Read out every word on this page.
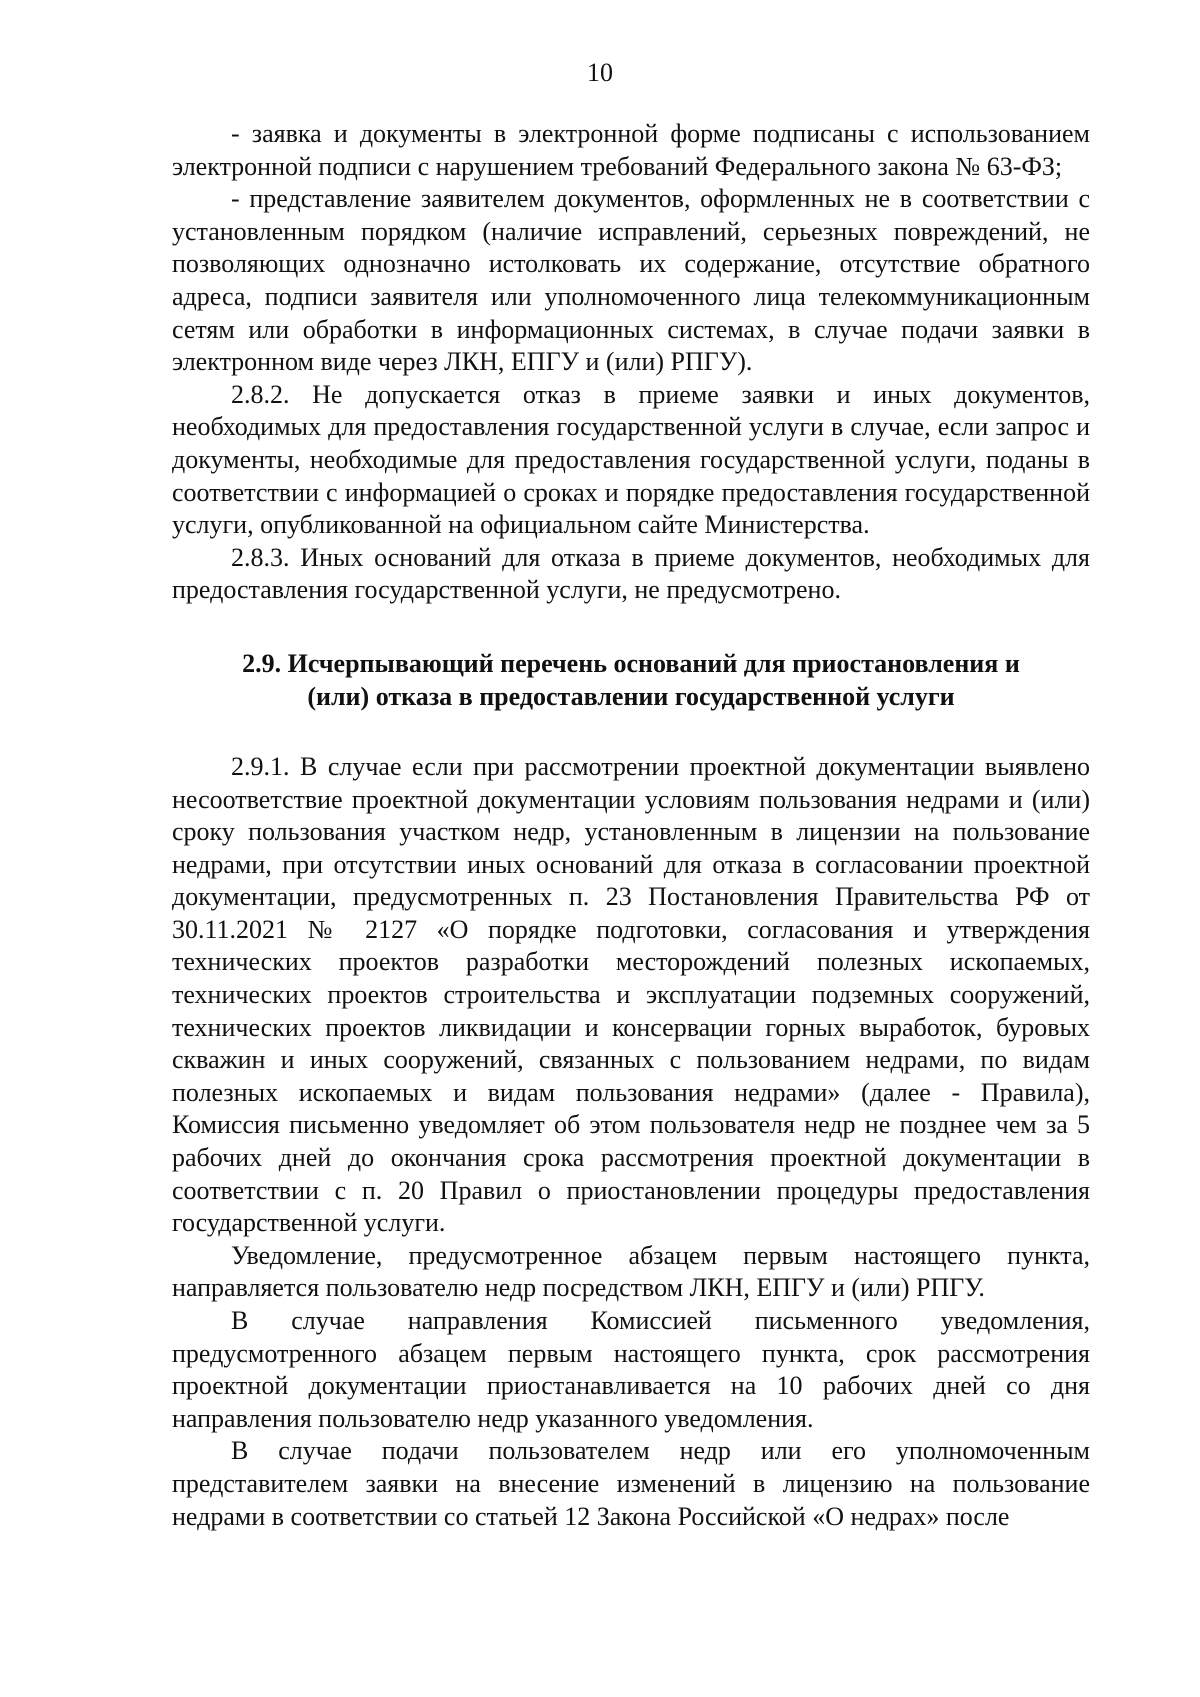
10

- заявка и документы в электронной форме подписаны с использованием электронной подписи с нарушением требований Федерального закона № 63-ФЗ;

- представление заявителем документов, оформленных не в соответствии с установленным порядком (наличие исправлений, серьезных повреждений, не позволяющих однозначно истолковать их содержание, отсутствие обратного адреса, подписи заявителя или уполномоченного лица телекоммуникационным сетям или обработки в информационных системах, в случае подачи заявки в электронном виде через ЛКН, ЕПГУ и (или) РПГУ).

2.8.2. Не допускается отказ в приеме заявки и иных документов, необходимых для предоставления государственной услуги в случае, если запрос и документы, необходимые для предоставления государственной услуги, поданы в соответствии с информацией о сроках и порядке предоставления государственной услуги, опубликованной на официальном сайте Министерства.

2.8.3. Иных оснований для отказа в приеме документов, необходимых для предоставления государственной услуги, не предусмотрено.

2.9. Исчерпывающий перечень оснований для приостановления и
(или) отказа в предоставлении государственной услуги

2.9.1. В случае если при рассмотрении проектной документации выявлено несоответствие проектной документации условиям пользования недрами и (или) сроку пользования участком недр, установленным в лицензии на пользование недрами, при отсутствии иных оснований для отказа в согласовании проектной документации, предусмотренных п. 23 Постановления Правительства РФ от 30.11.2021 № 2127 «О порядке подготовки, согласования и утверждения технических проектов разработки месторождений полезных ископаемых, технических проектов строительства и эксплуатации подземных сооружений, технических проектов ликвидации и консервации горных выработок, буровых скважин и иных сооружений, связанных с пользованием недрами, по видам полезных ископаемых и видам пользования недрами» (далее - Правила), Комиссия письменно уведомляет об этом пользователя недр не позднее чем за 5 рабочих дней до окончания срока рассмотрения проектной документации в соответствии с п. 20 Правил о приостановлении процедуры предоставления государственной услуги.

Уведомление, предусмотренное абзацем первым настоящего пункта, направляется пользователю недр посредством ЛКН, ЕПГУ и (или) РПГУ.

В случае направления Комиссией письменного уведомления, предусмотренного абзацем первым настоящего пункта, срок рассмотрения проектной документации приостанавливается на 10 рабочих дней со дня направления пользователю недр указанного уведомления.

В случае подачи пользователем недр или его уполномоченным представителем заявки на внесение изменений в лицензию на пользование недрами в соответствии со статьей 12 Закона Российской «О недрах» после
